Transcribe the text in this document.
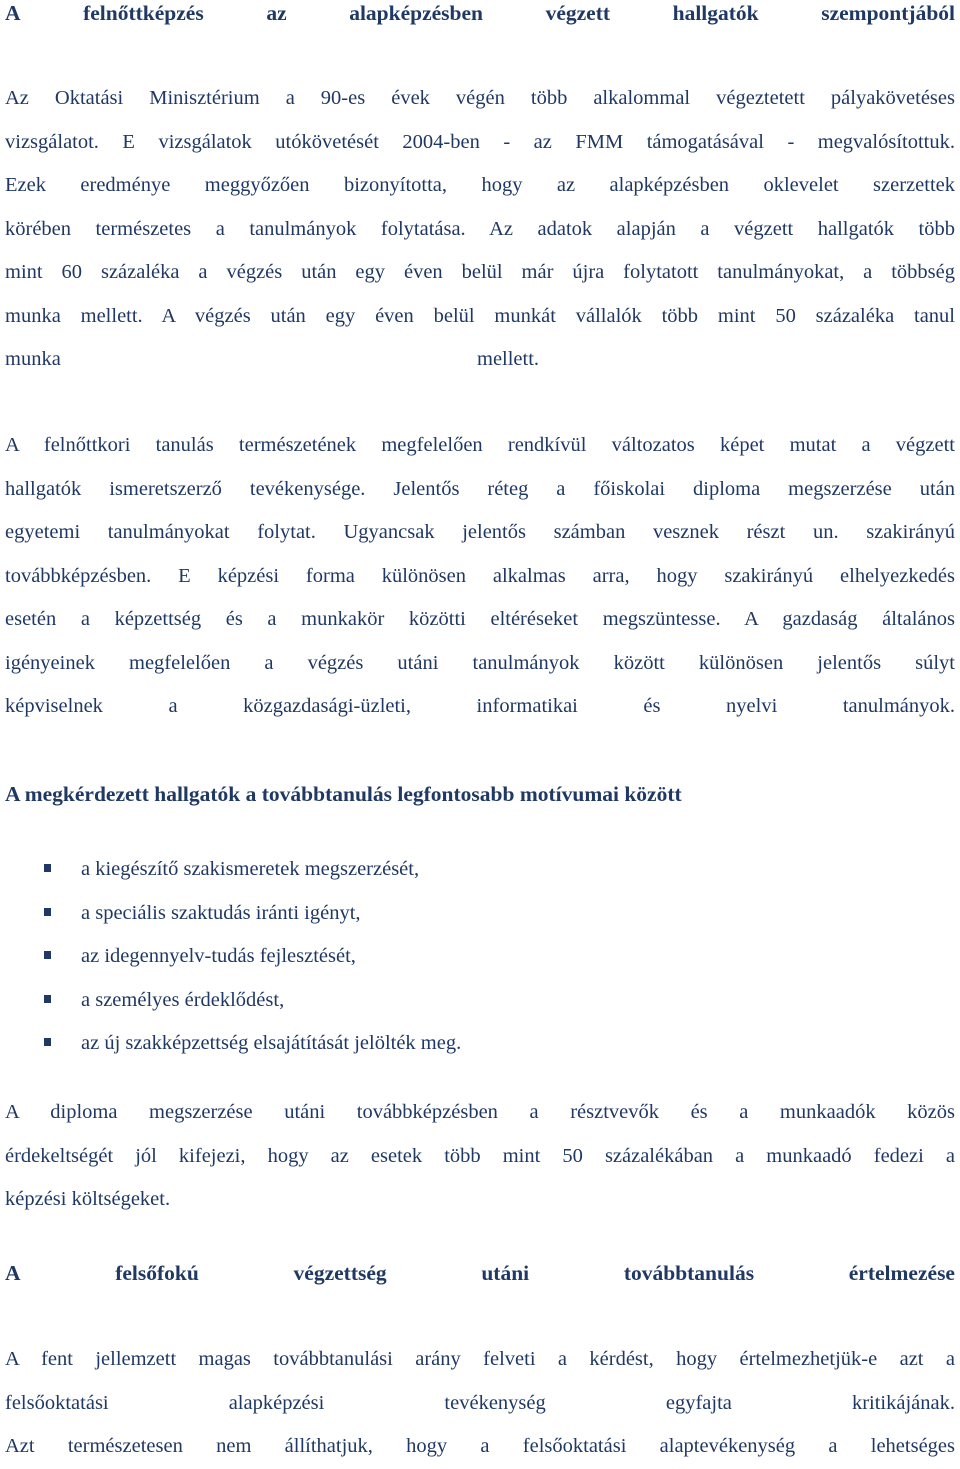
A	felnőttképzés	az	alapképzésben	végzett	hallgatók	szempontjából
Az Oktatási Minisztérium a 90-es évek végén több alkalommal végeztetett pályakövetéses
vizsgálatot. E vizsgálatok utókövetését 2004-ben - az FMM támogatásával - megvalósítottuk.
Ezek eredménye meggyőzően bizonyította, hogy az alapképzésben oklevelet szerzettek
körében természetes a tanulmányok folytatása. Az adatok alapján a végzett hallgatók több
mint 60 százaléka a végzés után egy éven belül már újra folytatott tanulmányokat, a többség
munka mellett. A végzés után egy éven belül munkát vállalók több mint 50 százaléka tanul
munka	mellett.
A felnőttkori tanulás természetének megfelelően rendkívül változatos képet mutat a végzett
hallgatók ismeretszerző tevékenysége. Jelentős réteg a főiskolai diploma megszerzése után
egyetemi tanulmányokat folytat. Ugyancsak jelentős számban vesznek részt un. szakirányú
továbbképzésben. E képzési forma különösen alkalmas arra, hogy szakirányú elhelyezkedés
esetén a képzettség és a munkakör közötti eltéréseket megszüntesse. A gazdaság általános
igényeinek megfelelően a végzés utáni tanulmányok között különösen jelentős súlyt
képviselnek a közgazdasági-üzleti, informatikai és nyelvi tanulmányok.
A megkérdezett hallgatók a továbbtanulás legfontosabb motívumai között
a kiegészítő szakismeretek megszerzését,
a speciális szaktudás iránti igényt,
az idegennyelv-tudás fejlesztését,
a személyes érdeklődést,
az új szakképzettség elsajátítását jelölték meg.
A diploma megszerzése utáni továbbképzésben a résztvevők és a munkaadók közös
érdekeltségét jól kifejezi, hogy az esetek több mint 50 százalékában a munkaadó fedezi a
képzési költségeket.
A	felsőfokú	végzettség	utáni	továbbtanulás	értelmezése
A fent jellemzett magas továbbtanulási arány felveti a kérdést, hogy értelmezhetjük-e azt a
felsőoktatási alapképzési tevékenység egyfajta kritikájának.
Azt természetesen nem állíthatjuk, hogy a felsőoktatási alaptevékenység a lehetséges
